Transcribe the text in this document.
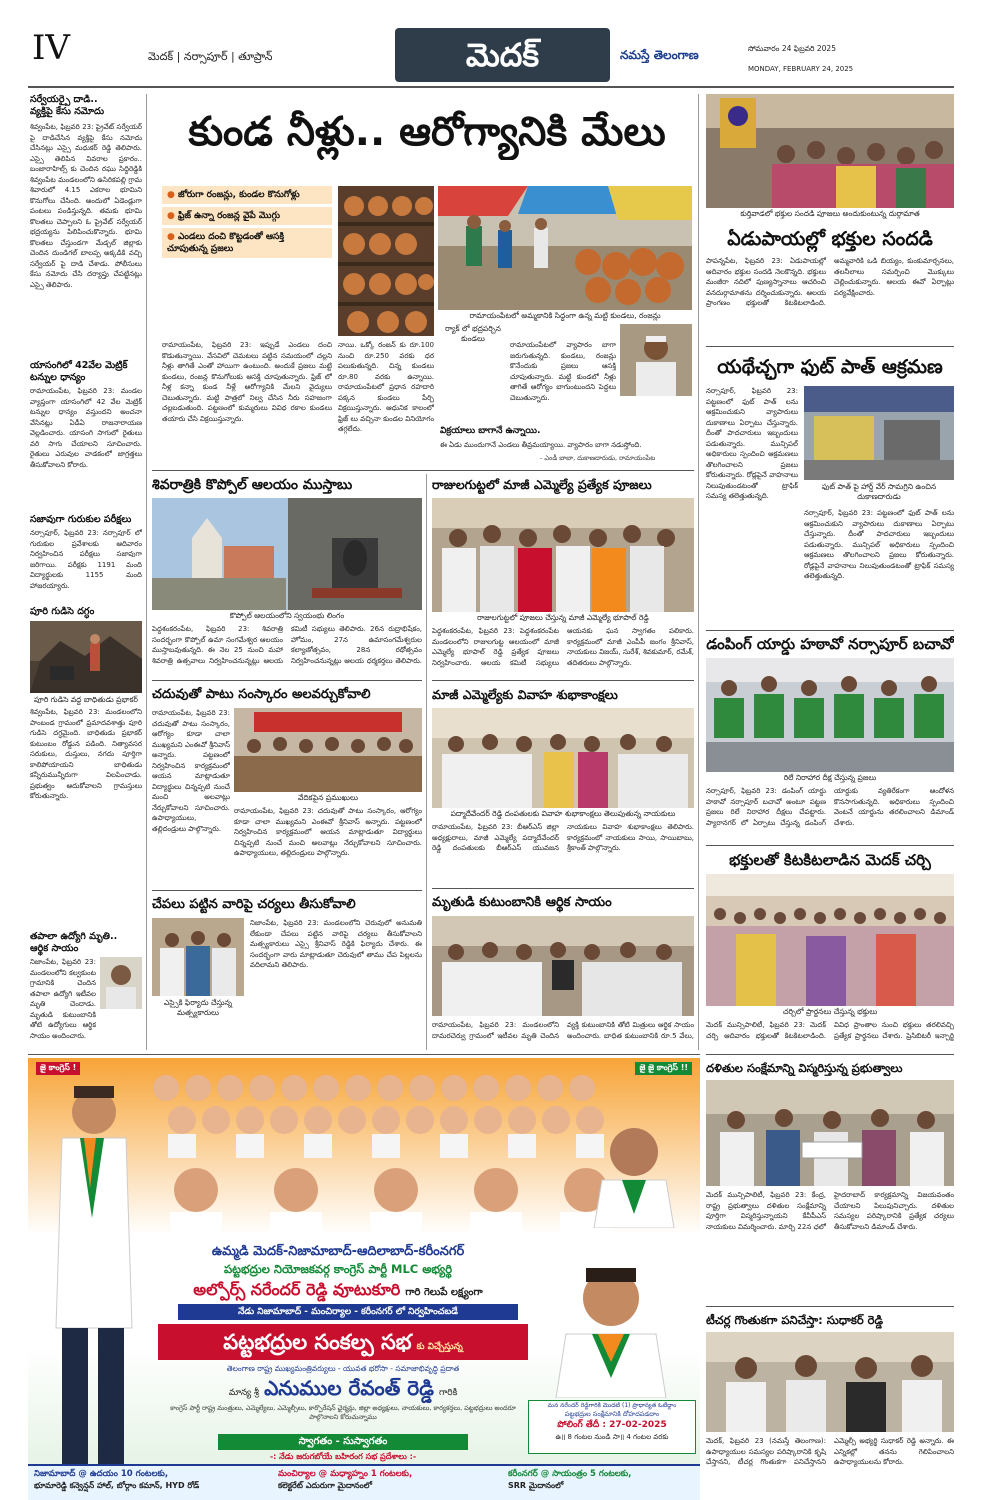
IV	మెదక్ | నర్సాపూర్ | తూప్రాన్	మెదక్	నమస్తే తెలంగాణ	సోమవారం 24 ఫిబ్రవరి 2025
MONDAY, FEBRUARY 24, 2025
సర్వేయర్పై దాడి..
వ్యక్తిపై కేసు నమోదు
శివ్వంపేట, ఫిబ్రవరి 23: ప్రైవేట్ సర్వేయర్ పై దాడిచేసిన వ్యక్తిపై కేసు నమోదు చేసినట్లు ఎస్సై మధుకర్ రెడ్డి తెలిపారు. ఎస్సై తెలిపిన వివరాల ప్రకారం.. బంజారాహిల్స్ కు చెందిన రఘు సిద్దిరెడ్డికి శివ్వంపేట మండలంలోని ఉసిరికపల్లి గ్రామ శివారులో 4.15 ఎకరాల భూమిని కొనుగోలు చేసింది. అందులో ఏడెండ్లుగా పంటలు పండిస్తున్నది. తమకు భూమి కొలతలు చెప్పాలని ఓ ప్రైవేట్ సర్వేయర్ భద్రయ్యను పిలిపించుకొన్నారు. భూమి కొలతలు చేస్తుండగా మేడ్చల్ జిల్లాకు చెందిన దుండిగల్ బాలప్ప అక్కడికి వచ్చి సర్వేయర్ పై దాడి చేశాడు. పోలీసులు కేసు నమోదు చేసి దర్యాప్తు చేపట్టినట్లు ఎస్సై తెలిపారు.
యాసంగిలో 42వేల మెట్రిక్ టన్నుల ధాన్యం
రామాయంపేట, ఫిబ్రవరి 23: మండల వ్యాప్తంగా యాసంగిలో 42 వేల మెట్రిక్ టన్నుల ధాన్యం వస్తుందని అంచనా వేసినట్లు ఏడీఏ రాజనారాయణ వెల్లడించారు. యాసంగి సాగులో రైతులు వరి సాగు చేయాలని సూచించారు. రైతులు ఎరువుల వాడకంలో జాగ్రత్తలు తీసుకోవాలని కోరారు.
సజావుగా గురుకుల పరీక్షలు
నర్సాపూర్, ఫిబ్రవరి 23: నర్సాపూర్ లో గురుకుల ప్రవేశాలకు ఆదివారం నిర్వహించిన పరీక్షలు సజావుగా జరిగాయి. పరీక్షకు 1191 మంది విద్యార్థులకు 1155 మంది హాజరయ్యారు.
పూరి గుడిసె దగ్ధం
పూరి గుడిసె వద్ద బాధితుడు ప్రభాకర్
శివ్వంపేట, ఫిబ్రవరి 23: మండలంలోని పాంబండ గ్రామంలో ప్రమాదవశాత్తు పూరి గుడిసె దగ్ధమైంది. బాధితుడు ప్రభాకర్ కుటుంబం రోడ్డున పడింది. నిత్యావసర సరుకులు, దుస్తులు, నగదు పూర్తిగా కాలిపోయాయని బాధితుడు కన్నీరుమున్నీరుగా విలపించాడు. ప్రభుత్వం ఆదుకోవాలని గ్రామస్తులు కోరుతున్నారు.
తపాలా ఉద్యోగి మృతి..
ఆర్థిక సాయం
నిజాంపేట, ఫిబ్రవరి 23: మండలంలోని కల్వకుంట గ్రామానికి చెందిన తపాలా ఉద్యోగి ఇటీవల మృతి చెందాడు. మృతుడి కుటుంబానికి తోటి ఉద్యోగులు ఆర్థిక సాయం అందించారు.
కుండ నీళ్లు.. ఆరోగ్యానికి మేలు
● జోరుగా రంజన్లు, కుండల కొనుగోళ్లు
● ఫ్రిజ్ ఉన్నా రంజన్ల వైపే మొగ్గు
● ఎండలు దంచి కొట్టడంతో ఆసక్తి చూపుతున్న ప్రజలు
రామాయంపేటలో అమ్మకానికి సిద్ధంగా ఉన్న మట్టి కుండలు, రంజన్లు
ర్యాక్ లో భద్రపర్చిన కుండలు
రామాయంపేట, ఫిబ్రవరి 23: ఇప్పుడే ఎండలు దంచి కొడుతున్నాయి. వేసవిలో చెమటలు పట్టిన సమయంలో చల్లని నీళ్లు తాగితే ఎంతో హాయిగా ఉంటుంది. అందుకే ప్రజలు మట్టి కుండలు, రంజన్ల కొనుగోలుకు ఆసక్తి చూపుతున్నారు. ఫ్రిజ్ లో నీళ్ల కన్నా కుండ నీళ్లే ఆరోగ్యానికి మేలని వైద్యులు చెబుతున్నారు. మట్టి పాత్రలో నిల్వ చేసిన నీరు సహజంగా చల్లబడుతుంది. పట్టణంలో కుమ్మరులు వివిధ రకాల కుండలు తయారు చేసి విక్రయిస్తున్నారు.
నాయి. ఒక్కో రంజన్ కు రూ.100 నుంచి రూ.250 వరకు ధర పలుకుతున్నది. చిన్న కుండలు రూ.80 వరకు ఉన్నాయి. రామాయంపేటలో ప్రధాన రహదారి పక్కన కుండలు పేర్చి విక్రయిస్తున్నారు. ఆధునిక కాలంలో ఫ్రిజ్ లు వచ్చినా కుండల వినియోగం తగ్గలేదు.
రామాయంపేటలో వ్యాపారం బాగా జరుగుతున్నది. కుండలు, రంజన్లు కొనేందుకు ప్రజలు ఆసక్తి చూపుతున్నారు. మట్టి కుండలో నీళ్లు తాగితే ఆరోగ్యం బాగుంటుందని పెద్దలు చెబుతున్నారు.
విక్రయాలు బాగానే ఉన్నాయి.
ఈ ఏడు ముందుగానే ఎండలు తీవ్రమయ్యాయి. వ్యాపారం బాగా నడుస్తోంది.
- ఎండీ బాబా, దుకాణదారుడు, రామాయంపేట
కుర్తివాడలో భక్తుల సందడి పూజలు అందుకుంటున్న దుర్గామాత
ఏడుపాయల్లో భక్తుల సందడి
పాపన్నపేట, ఫిబ్రవరి 23: ఏడుపాయల్లో ఆదివారం భక్తుల సందడి నెలకొన్నది. భక్తులు మంజీరా నదిలో పుణ్యస్నానాలు ఆచరించి వనదుర్గామాతను దర్శించుకున్నారు. ఆలయ ప్రాంగణం భక్తులతో కిటకిటలాడింది. అమ్మవారికి ఒడి బియ్యం, కుంకుమార్చనలు, తలనీలాలు సమర్పించి మొక్కులు చెల్లించుకున్నారు. ఆలయ ఈవో ఏర్పాట్లు పర్యవేక్షించారు.
యథేచ్ఛగా ఫుట్ పాత్ ఆక్రమణ
నర్సాపూర్, ఫిబ్రవరి 23: పట్టణంలో ఫుట్ పాత్ లను ఆక్రమించుకుని వ్యాపారులు దుకాణాలు ఏర్పాటు చేస్తున్నారు. దీంతో పాదచారులు ఇబ్బందులు పడుతున్నారు. మున్సిపల్ అధికారులు స్పందించి ఆక్రమణలు తొలగించాలని ప్రజలు కోరుతున్నారు. రోడ్లపైనే వాహనాలు నిలుపుతుండటంతో ట్రాఫిక్ సమస్య తలెత్తుతున్నది.
ఫుట్ పాత్ పై హార్డ్ వేర్ సామగ్రిని ఉంచిన దుకాణదారుడు
నర్సాపూర్, ఫిబ్రవరి 23: పట్టణంలో ఫుట్ పాత్ లను ఆక్రమించుకుని వ్యాపారులు దుకాణాలు ఏర్పాటు చేస్తున్నారు. దీంతో పాదచారులు ఇబ్బందులు పడుతున్నారు. మున్సిపల్ అధికారులు స్పందించి ఆక్రమణలు తొలగించాలని ప్రజలు కోరుతున్నారు. రోడ్లపైనే వాహనాలు నిలుపుతుండటంతో ట్రాఫిక్ సమస్య తలెత్తుతున్నది.
డంపింగ్ యార్డు హఠావో నర్సాపూర్ బచావో
రిలే నిరాహార దీక్ష చేస్తున్న ప్రజలు
నర్సాపూర్, ఫిబ్రవరి 23: డంపింగ్ యార్డు హఠావో నర్సాపూర్ బచావో అంటూ పట్టణ ప్రజలు రిలే నిరాహార దీక్షలు చేపట్టారు. ప్యారానగర్ లో ఏర్పాటు చేస్తున్న డంపింగ్ యార్డుకు వ్యతిరేకంగా ఆందోళన కొనసాగుతున్నది. అధికారులు స్పందించి వెంటనే యార్డును తరలించాలని డిమాండ్ చేశారు.
భక్తులతో కిటకిటలాడిన మెదక్ చర్చి
చర్చిలో ప్రార్థనలు చేస్తున్న భక్తులు
మెదక్ మున్సిపాలిటీ, ఫిబ్రవరి 23: మెదక్ చర్చి ఆదివారం భక్తులతో కిటకిటలాడింది. వివిధ ప్రాంతాల నుంచి భక్తులు తరలివచ్చి ప్రత్యేక ప్రార్థనలు చేశారు. ప్రెసిబిటరీ ఇన్చార్జి
శివరాత్రికి కొప్పోల్ ఆలయం ముస్తాబు
కొప్పోల్ ఆలయంలోని స్వయంభు లింగం
పెద్దశంకరంపేట, ఫిబ్రవరి 23: శివరాత్రి సందర్భంగా కొప్పోల్ ఉమా సంగమేశ్వర ఆలయం ముస్తాబవుతున్నది. ఈ నెల 25 నుంచి మహా శివరాత్రి ఉత్సవాలు నిర్వహించనున్నట్లు ఆలయ కమిటీ సభ్యులు తెలిపారు. 26న రుద్రాభిషేకం, హోమం, 27న ఉమాసంగమేశ్వరుల కల్యాణోత్సవం, 28న రథోత్సవం నిర్వహించనున్నట్లు ఆలయ ధర్మకర్తలు తెలిపారు.
రాజులగుట్టలో మాజీ ఎమ్మెల్యే ప్రత్యేక పూజలు
రాజులగుట్టలో పూజలు చేస్తున్న మాజీ ఎమ్మెల్యే భూపాల్ రెడ్డి
పెద్దశంకరంపేట, ఫిబ్రవరి 23: పెద్దశంకరంపేట మండలంలోని రాజులగుట్ట ఆలయంలో మాజీ ఎమ్మెల్యే భూపాల్ రెడ్డి ప్రత్యేక పూజలు నిర్వహించారు. ఆలయ కమిటీ సభ్యులు ఆయనకు ఘన స్వాగతం పలికారు. కార్యక్రమంలో మాజీ ఎంపీపీ జంగం శ్రీనివాస్, నాయకులు విజయ్, సురేశ్, శివకుమార్, రమేశ్, తదితరులు పాల్గొన్నారు.
చదువుతో పాటు సంస్కారం అలవర్చుకోవాలి
వేదికపైన ప్రముఖులు
రామాయంపేట, ఫిబ్రవరి 23: చదువుతో పాటు సంస్కారం, ఆరోగ్యం కూడా చాలా ముఖ్యమని ఎంఈవో శ్రీనివాస్ అన్నారు. పట్టణంలో నిర్వహించిన కార్యక్రమంలో ఆయన మాట్లాడుతూ విద్యార్థులు చిన్నప్పటి నుంచే మంచి అలవాట్లు నేర్చుకోవాలని సూచించారు. ఉపాధ్యాయులు, తల్లిదండ్రులు పాల్గొన్నారు.
రామాయంపేట, ఫిబ్రవరి 23: చదువుతో పాటు సంస్కారం, ఆరోగ్యం కూడా చాలా ముఖ్యమని ఎంఈవో శ్రీనివాస్ అన్నారు. పట్టణంలో నిర్వహించిన కార్యక్రమంలో ఆయన మాట్లాడుతూ విద్యార్థులు చిన్నప్పటి నుంచే మంచి అలవాట్లు నేర్చుకోవాలని సూచించారు. ఉపాధ్యాయులు, తల్లిదండ్రులు పాల్గొన్నారు.
మాజీ ఎమ్మెల్యేకు వివాహ శుభాకాంక్షలు
పద్మాదేవేందర్ రెడ్డి దంపతులకు వివాహ శుభాకాంక్షలు తెలుపుతున్న నాయకులు
రామాయంపేట, ఫిబ్రవరి 23: బీఆర్ఎస్ జిల్లా అధ్యక్షురాలు, మాజీ ఎమ్మెల్యే పద్మాదేవేందర్ రెడ్డి దంపతులకు బీఆర్ఎస్ యువజన నాయకులు వివాహ శుభాకాంక్షలు తెలిపారు. కార్యక్రమంలో నాయకులు సాయి, సాయిబాబు, శ్రీకాంత్ పాల్గొన్నారు.
చేపలు పట్టిన వారిపై చర్యలు తీసుకోవాలి
ఎస్సైకి ఫిర్యాదు చేస్తున్న మత్స్యకారులు
నిజాంపేట, ఫిబ్రవరి 23: మండలంలోని చెరువులో అనుమతి లేకుండా చేపలు పట్టిన వారిపై చర్యలు తీసుకోవాలని మత్స్యకారులు ఎస్సై శ్రీనివాస్ రెడ్డికి ఫిర్యాదు చేశారు. ఈ సందర్భంగా వారు మాట్లాడుతూ చెరువులో తాము చేప పిల్లలను వదిలామని తెలిపారు.
మృతుడి కుటుంబానికి ఆర్థిక సాయం
రామాయంపేట, ఫిబ్రవరి 23: మండలంలోని దామరచెర్వు గ్రామంలో ఇటీవల మృతి చెందిన వ్యక్తి కుటుంబానికి తోటి మిత్రులు ఆర్థిక సాయం అందించారు. బాధిత కుటుంబానికి రూ.5 వేలు,
జై కాంగ్రెస్ !	జై జై కాంగ్రెస్ !!
ఉమ్మడి మెదక్-నిజామాబాద్-ఆదిలాబాద్-కరీంనగర్
పట్టభద్రుల నియోజకవర్గ కాంగ్రెస్ పార్టీ MLC అభ్యర్థి
అల్పోర్స్ నరేందర్ రెడ్డి వూటుకూరి గారి గెలుపే లక్ష్యంగా
నేడు నిజామాబాద్ - మంచిర్యాల - కరీంనగర్ లో నిర్వహించబడే
పట్టభద్రుల సంకల్ప సభ కు విచ్చేస్తున్న
తెలంగాణ రాష్ట్ర ముఖ్యమంత్రివర్యులు - యువత భరోసా - సమాజాభివృద్ధి ప్రదాత
మాన్య శ్రీ ఎనుముల రేవంత్ రెడ్డి గారికి
కాంగ్రెస్ పార్టీ రాష్ట్ర మంత్రులు, ఎమ్మెల్యేలు, ఎమ్మెల్సీలు, కార్పొరేషన్ ఛైర్మన్లు, జిల్లా అధ్యక్షులు, నాయకులు, కార్యకర్తలు, పట్టభద్రులు అందరూ పాల్గొనాలని కోరుచున్నాము
స్వాగతం - సుస్వాగతం
-: నేడు జరుగబోయే బహిరంగ సభ ప్రదేశాలు :-
మన నరేందర్ రెడ్డిగారికి మొదటి (1) ప్రాధాన్యత ఓటేద్దాం
పట్టభద్రుల సంక్షేమానికి దోహదపడదాం
పోలింగ్ తేదీ : 27-02-2025
ఉ॥ 8 గంటల నుండి సా॥ 4 గంటల వరకు
నిజామాబాద్ @ ఉదయం 10 గంటలకు,
భూమారెడ్డి కన్వెన్షన్ హాల్, బోర్గాం కమాన్, HYD రోడ్
మంచిర్యాల @ మధ్యాహ్నం 1 గంటలకు,
కలెక్టరేట్ ఎదురుగా మైదానంలో
కరీంనగర్ @ సాయంత్రం 5 గంటలకు,
SRR మైదానంలో
దళితుల సంక్షేమాన్ని విస్మరిస్తున్న ప్రభుత్వాలు
మెదక్ మున్సిపాలిటీ, ఫిబ్రవరి 23: కేంద్ర, రాష్ట్ర ప్రభుత్వాలు దళితుల సంక్షేమాన్ని పూర్తిగా విస్మరిస్తున్నాయని కేవీపీఎస్ నాయకులు విమర్శించారు. మార్చి 22న ఛలో హైదరాబాద్ కార్యక్రమాన్ని విజయవంతం చేయాలని పిలుపునిచ్చారు. దళితుల సమస్యల పరిష్కారానికి ప్రత్యేక చర్యలు తీసుకోవాలని డిమాండ్ చేశారు.
టీచర్ల గొంతుకగా పనిచేస్తా: సుధాకర్ రెడ్డి
మెదక్, ఫిబ్రవరి 23 (నమస్తే తెలంగాణ): ఉపాధ్యాయుల సమస్యల పరిష్కారానికి కృషి చేస్తానని, టీచర్ల గొంతుకగా పనిచేస్తానని ఎమ్మెల్సీ అభ్యర్థి సుధాకర్ రెడ్డి అన్నారు. ఈ ఎన్నికల్లో తనను గెలిపించాలని ఉపాధ్యాయులను కోరారు.
